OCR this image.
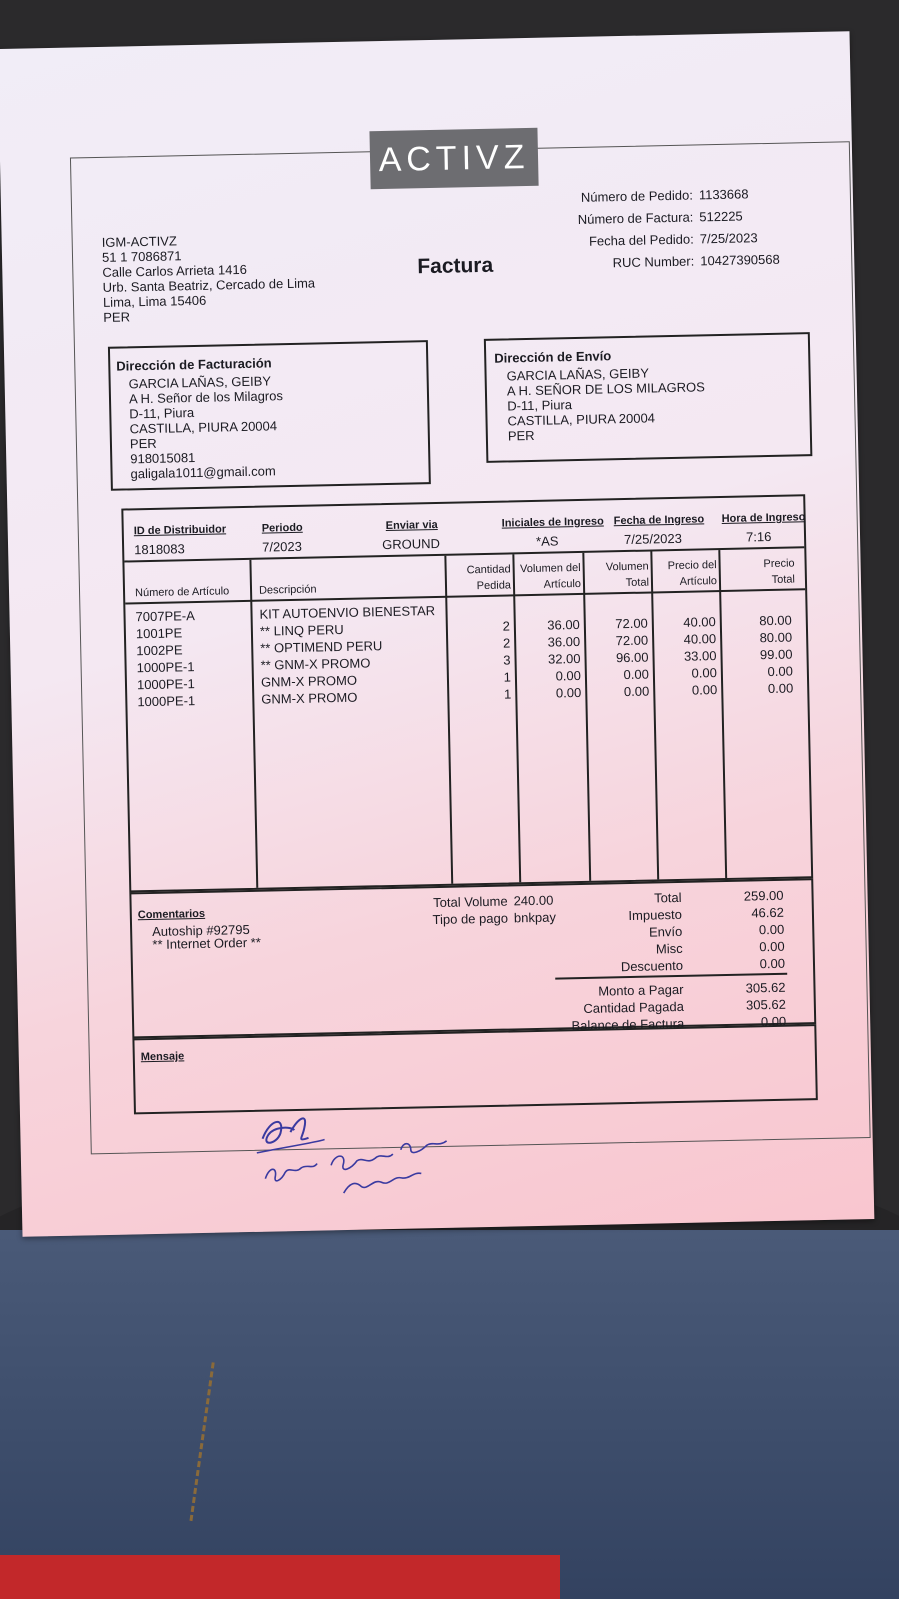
ACTIVZ
IGM-ACTIVZ
51 1 7086871
Calle Carlos Arrieta 1416
Urb. Santa Beatriz, Cercado de Lima
Lima, Lima 15406
PER
Factura
Número de Pedido:
Número de Factura:
Fecha del Pedido:
RUC Number:
1133668
512225
7/25/2023
10427390568
Dirección de Facturación
GARCIA LAÑAS, GEIBY
A H. Señor de los Milagros
D-11, Piura
CASTILLA, PIURA 20004
PER
918015081
galigala1011@gmail.com
Dirección de Envío
GARCIA LAÑAS, GEIBY
A H. SEÑOR DE LOS MILAGROS
D-11, Piura
CASTILLA, PIURA 20004
PER
ID de Distribuidor
1818083
Periodo
7/2023
Enviar via
GROUND
Iniciales de Ingreso
*AS
Fecha de Ingreso
7/25/2023
Hora de Ingreso
7:16
Número de Artículo	Descripción
Cantidad
Pedida
Volumen del
Artículo
Volumen
Total
Precio del
Artículo
Precio
Total
7007PE-A
1001PE
1002PE
1000PE-1
1000PE-1
1000PE-1
KIT AUTOENVIO BIENESTAR
** LINQ PERU
** OPTIMEND PERU
** GNM-X PROMO
GNM-X PROMO
GNM-X PROMO
2
2
3
1
1
36.00
36.00
32.00
0.00
0.00
72.00
72.00
96.00
0.00
0.00
40.00
40.00
33.00
0.00
0.00
80.00
80.00
99.00
0.00
0.00
Comentarios
Autoship #92795
** Internet Order **
Total Volume
Tipo de pago
240.00
bnkpay
Total
Impuesto
Envío
Misc
Descuento
259.00
46.62
0.00
0.00
0.00
Monto a Pagar
Cantidad Pagada
Balance de Factura
305.62
305.62
0.00
Mensaje
